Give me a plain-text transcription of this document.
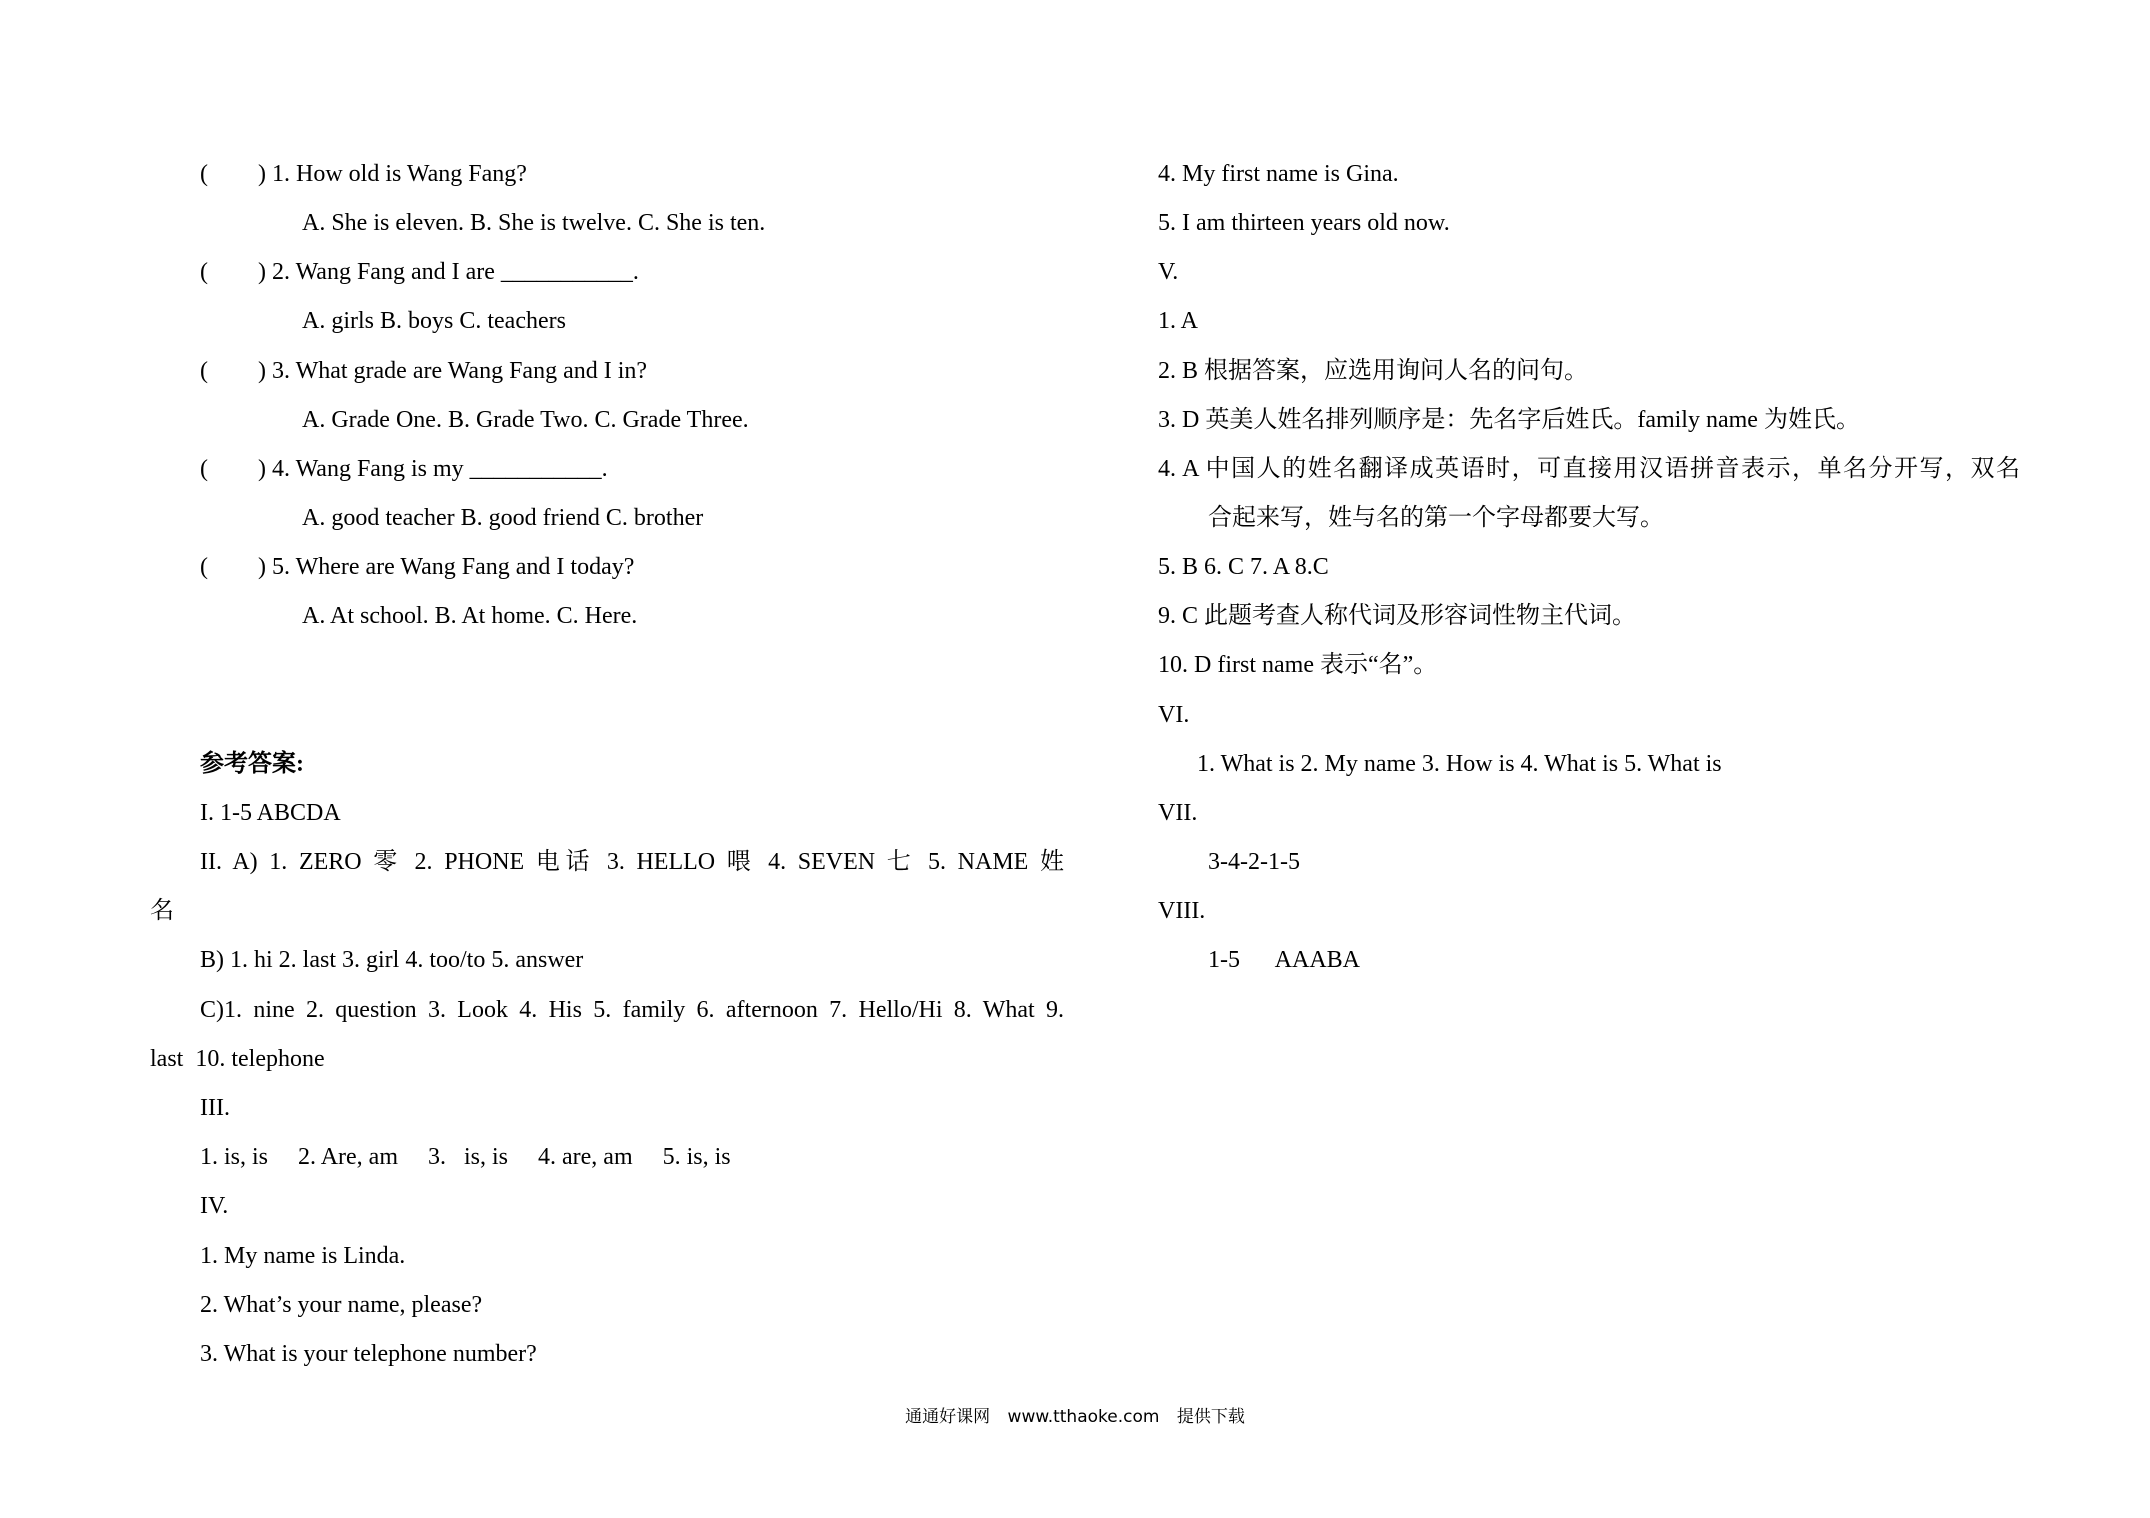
( ) 1. How old is Wang Fang?
A. She is eleven. B. She is twelve. C. She is ten.
( ) 2. Wang Fang and I are ___________.
A. girls B. boys C. teachers
( ) 3. What grade are Wang Fang and I in?
A. Grade One. B. Grade Two. C. Grade Three.
( ) 4. Wang Fang is my ___________.
A. good teacher B. good friend C. brother
( ) 5. Where are Wang Fang and I today?
A. At school. B. At home. C. Here.
参考答案:
I. 1-5 ABCDA
II. A) 1. ZERO 零 2. PHONE 电话 3. HELLO 喂 4. SEVEN 七 5. NAME 姓
名
B) 1. hi 2. last 3. girl 4. too/to 5. answer
C)1. nine 2. question 3. Look 4. His 5. family 6. afternoon 7. Hello/Hi 8. What 9.
last  10. telephone
III.
1. is, is     2. Are, am     3.   is, is     4. are, am     5. is, is
IV.
1. My name is Linda.
2. What’s your name, please?
3. What is your telephone number?
4. My first name is Gina.
5. I am thirteen years old now.
V.
1. A
2. B 根据答案，应选用询问人名的问句。
3. D 英美人姓名排列顺序是：先名字后姓氏。family name 为姓氏。
4. A 中国人的姓名翻译成英语时，可直接用汉语拼音表示，单名分开写，双名
合起来写，姓与名的第一个字母都要大写。
5. B 6. C 7. A 8.C
9. C 此题考查人称代词及形容词性物主代词。
10. D first name 表示“名”。
VI.
1. What is 2. My name 3. How is 4. What is 5. What is
VII.
3-4-2-1-5
VIII.
1-5      AAABA
通通好课网 www.tthaoke.com 提供下载
